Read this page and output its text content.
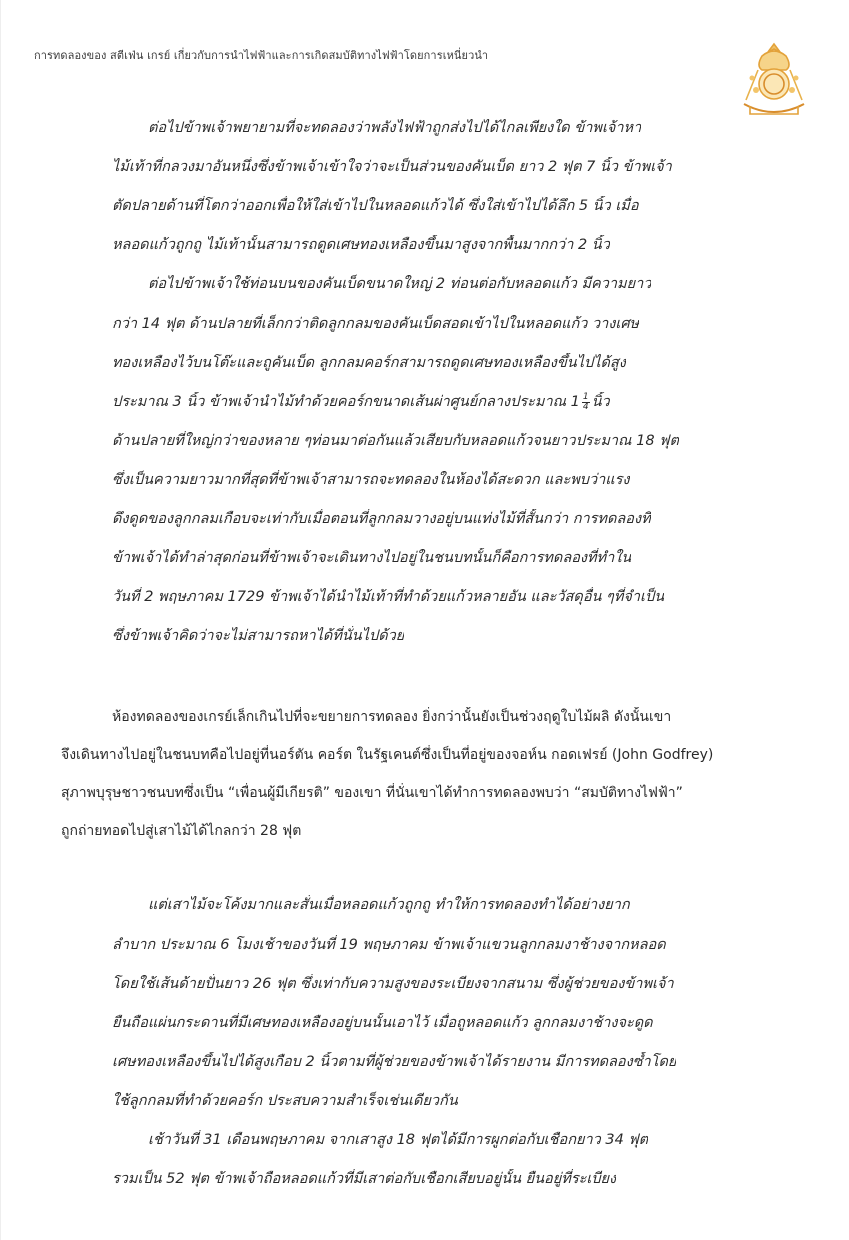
การทดลองของ สตีเฟ่น เกรย์ เกี่ยวกับการนำไฟฟ้าและการเกิดสมบัติทางไฟฟ้าโดยการเหนี่ยวนำ
ต่อไปข้าพเจ้าพยายามที่จะทดลองว่าพลังไฟฟ้าถูกส่งไปได้ไกลเพียงใด ข้าพเจ้าหา
ไม้เท้าที่กลวงมาอันหนึ่งซึ่งข้าพเจ้าเข้าใจว่าจะเป็นส่วนของคันเบ็ด ยาว 2 ฟุต 7 นิ้ว ข้าพเจ้า
ตัดปลายด้านที่โตกว่าออกเพื่อให้ใส่เข้าไปในหลอดแก้วได้ ซึ่งใส่เข้าไปได้ลึก 5 นิ้ว เมื่อ
หลอดแก้วถูกถู ไม้เท้านั้นสามารถดูดเศษทองเหลืองขึ้นมาสูงจากพื้นมากกว่า 2 นิ้ว
ต่อไปข้าพเจ้าใช้ท่อนบนของคันเบ็ดขนาดใหญ่ 2 ท่อนต่อกับหลอดแก้ว มีความยาว
กว่า 14 ฟุต ด้านปลายที่เล็กกว่าติดลูกกลมของคันเบ็ดสอดเข้าไปในหลอดแก้ว วางเศษ
ทองเหลืองไว้บนโต๊ะและถูคันเบ็ด ลูกกลมคอร์กสามารถดูดเศษทองเหลืองขึ้นไปได้สูง
ประมาณ 3 นิ้ว ข้าพเจ้านำไม้ทำด้วยคอร์กขนาดเส้นผ่าศูนย์กลางประมาณ $1 \frac{1}{4}$ นิ้ว
ด้านปลายที่ใหญ่กว่าของหลาย ๆท่อนมาต่อกันแล้วเสียบกับหลอดแก้วจนยาวประมาณ 18 ฟุต
ซึ่งเป็นความยาวมากที่สุดที่ข้าพเจ้าสามารถจะทดลองในห้องได้สะดวก และพบว่าแรง
ดึงดูดของลูกกลมเกือบจะเท่ากับเมื่อตอนที่ลูกกลมวางอยู่บนแท่งไม้ที่สั้นกว่า การทดลองที่
ข้าพเจ้าได้ทำล่าสุดก่อนที่ข้าพเจ้าจะเดินทางไปอยู่ในชนบทนั้นก็คือการทดลองที่ทำใน
วันที่ 2 พฤษภาคม 1729 ข้าพเจ้าได้นำไม้เท้าที่ทำด้วยแก้วหลายอัน และวัสดุอื่น ๆที่จำเป็น
ซึ่งข้าพเจ้าคิดว่าจะไม่สามารถหาได้ที่นั่นไปด้วย
ห้องทดลองของเกรย์เล็กเกินไปที่จะขยายการทดลอง ยิ่งกว่านั้นยังเป็นช่วงฤดูใบไม้ผลิ ดังนั้นเขา
จึงเดินทางไปอยู่ในชนบทคือไปอยู่ที่นอร์ตัน คอร์ต ในรัฐเคนต์ซึ่งเป็นที่อยู่ของจอห์น กอดเฟรย์ (John Godfrey)
สุภาพบุรุษชาวชนบทซึ่งเป็น “เพื่อนผู้มีเกียรติ” ของเขา ที่นั่นเขาได้ทำการทดลองพบว่า “สมบัติทางไฟฟ้า”
ถูกถ่ายทอดไปสู่เสาไม้ได้ไกลกว่า 28 ฟุต
แต่เสาไม้จะโค้งมากและสั่นเมื่อหลอดแก้วถูกถู ทำให้การทดลองทำได้อย่างยาก
ลำบาก ประมาณ 6 โมงเช้าของวันที่ 19 พฤษภาคม ข้าพเจ้าแขวนลูกกลมงาช้างจากหลอด
โดยใช้เส้นด้ายปั่นยาว 26 ฟุต ซึ่งเท่ากับความสูงของระเบียงจากสนาม ซึ่งผู้ช่วยของข้าพเจ้า
ยืนถือแผ่นกระดานที่มีเศษทองเหลืองอยู่บนนั้นเอาไว้ เมื่อถูหลอดแก้ว ลูกกลมงาช้างจะดูด
เศษทองเหลืองขึ้นไปได้สูงเกือบ 2 นิ้วตามที่ผู้ช่วยของข้าพเจ้าได้รายงาน มีการทดลองซ้ำโดย
ใช้ลูกกลมที่ทำด้วยคอร์ก ประสบความสำเร็จเช่นเดียวกัน
เช้าวันที่ 31 เดือนพฤษภาคม จากเสาสูง 18 ฟุตได้มีการผูกต่อกับเชือกยาว 34 ฟุต
รวมเป็น 52 ฟุต ข้าพเจ้าถือหลอดแก้วที่มีเสาต่อกับเชือกเสียบอยู่นั้น ยืนอยู่ที่ระเบียง
